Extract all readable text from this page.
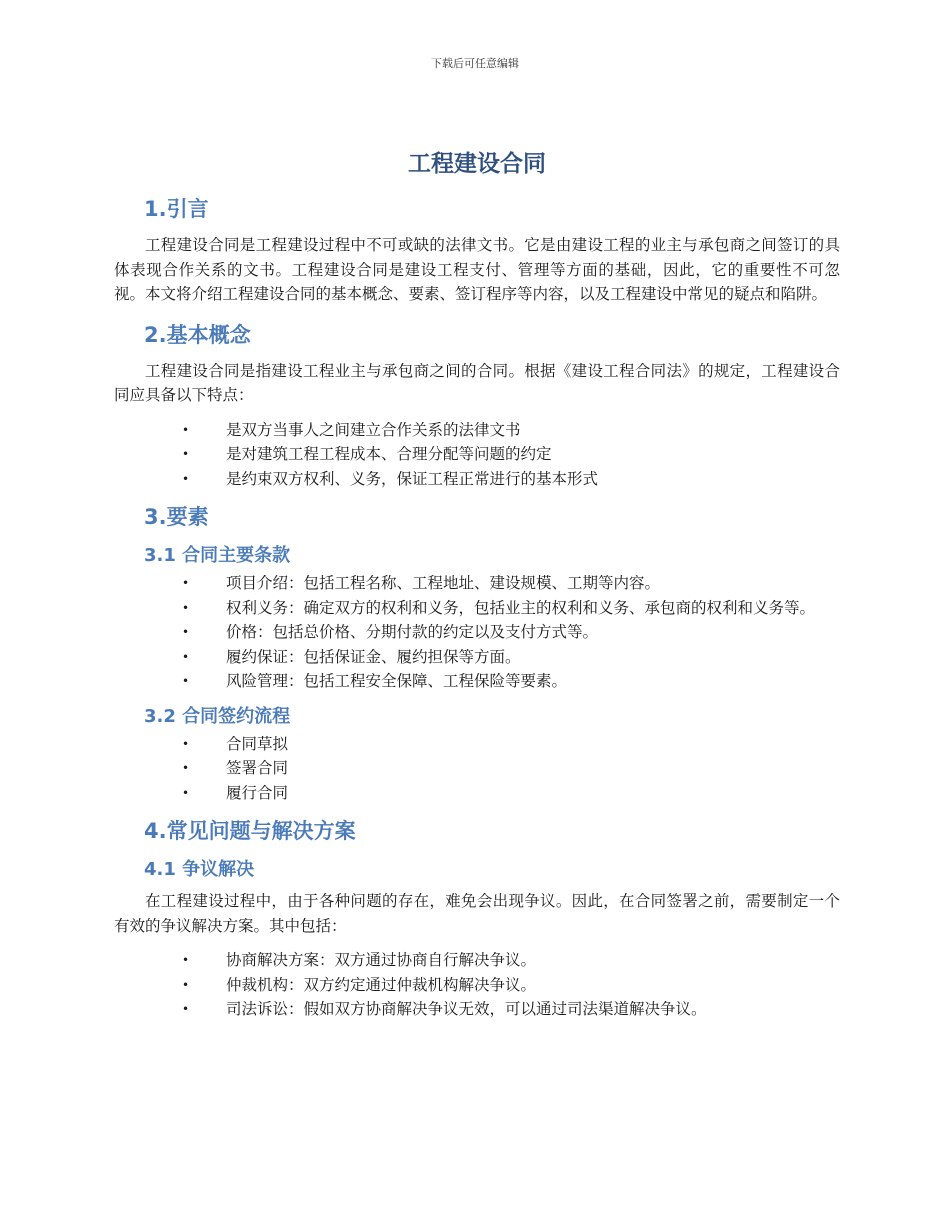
下载后可任意编辑
工程建设合同
1.引言

工程建设合同是工程建设过程中不可或缺的法律文书。它是由建设工程的业主与承包商之间签订的具体表现合作关系的文书。工程建设合同是建设工程支付、管理等方面的基础，因此，它的重要性不可忽视。本文将介绍工程建设合同的基本概念、要素、签订程序等内容，以及工程建设中常见的疑点和陷阱。

2.基本概念

工程建设合同是指建设工程业主与承包商之间的合同。根据《建设工程合同法》的规定，工程建设合同应具备以下特点：

• 是双方当事人之间建立合作关系的法律文书
• 是对建筑工程工程成本、合理分配等问题的约定
• 是约束双方权利、义务，保证工程正常进行的基本形式
3.要素
3.1 合同主要条款
• 项目介绍：包括工程名称、工程地址、建设规模、工期等内容。
• 权利义务：确定双方的权利和义务，包括业主的权利和义务、承包商的权利和义务等。
• 价格：包括总价格、分期付款的约定以及支付方式等。
• 履约保证：包括保证金、履约担保等方面。
• 风险管理：包括工程安全保障、工程保险等要素。
3.2 合同签约流程
• 合同草拟
• 签署合同
• 履行合同
4.常见问题与解决方案
4.1 争议解决

在工程建设过程中，由于各种问题的存在，难免会出现争议。因此，在合同签署之前，需要制定一个有效的争议解决方案。其中包括：

• 协商解决方案：双方通过协商自行解决争议。
• 仲裁机构：双方约定通过仲裁机构解决争议。
• 司法诉讼：假如双方协商解决争议无效，可以通过司法渠道解决争议。
